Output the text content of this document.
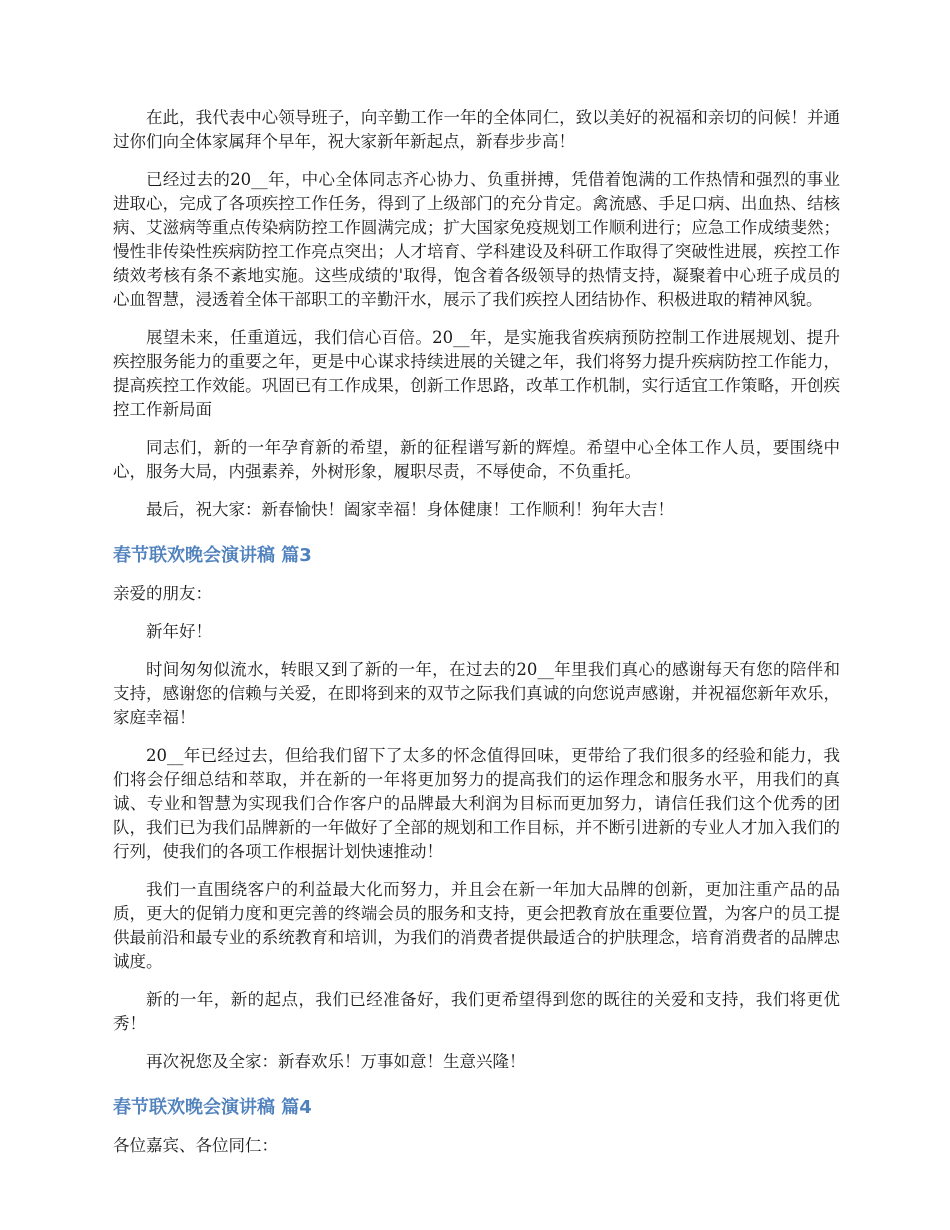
在此，我代表中心领导班子，向辛勤工作一年的全体同仁，致以美好的祝福和亲切的问候！并通过你们向全体家属拜个早年，祝大家新年新起点，新春步步高！

已经过去的20__年，中心全体同志齐心协力、负重拼搏，凭借着饱满的工作热情和强烈的事业进取心，完成了各项疾控工作任务，得到了上级部门的充分肯定。禽流感、手足口病、出血热、结核病、艾滋病等重点传染病防控工作圆满完成；扩大国家免疫规划工作顺利进行；应急工作成绩斐然；慢性非传染性疾病防控工作亮点突出；人才培育、学科建设及科研工作取得了突破性进展，疾控工作绩效考核有条不紊地实施。这些成绩的'取得，饱含着各级领导的热情支持，凝聚着中心班子成员的心血智慧，浸透着全体干部职工的辛勤汗水，展示了我们疾控人团结协作、积极进取的精神风貌。

展望未来，任重道远，我们信心百倍。20__年，是实施我省疾病预防控制工作进展规划、提升疾控服务能力的重要之年，更是中心谋求持续进展的关键之年，我们将努力提升疾病防控工作能力，提高疾控工作效能。巩固已有工作成果，创新工作思路，改革工作机制，实行适宜工作策略，开创疾控工作新局面

同志们，新的一年孕育新的希望，新的征程谱写新的辉煌。希望中心全体工作人员，要围绕中心，服务大局，内强素养，外树形象，履职尽责，不辱使命，不负重托。

最后，祝大家：新春愉快！阖家幸福！身体健康！工作顺利！狗年大吉！

春节联欢晚会演讲稿 篇3

亲爱的朋友：

新年好！

时间匆匆似流水，转眼又到了新的一年，在过去的20__年里我们真心的感谢每天有您的陪伴和支持，感谢您的信赖与关爱，在即将到来的双节之际我们真诚的向您说声感谢，并祝福您新年欢乐，家庭幸福！

20__年已经过去，但给我们留下了太多的怀念值得回味，更带给了我们很多的经验和能力，我们将会仔细总结和萃取，并在新的一年将更加努力的提高我们的运作理念和服务水平，用我们的真诚、专业和智慧为实现我们合作客户的品牌最大利润为目标而更加努力，请信任我们这个优秀的团队，我们已为我们品牌新的一年做好了全部的规划和工作目标，并不断引进新的专业人才加入我们的行列，使我们的各项工作根据计划快速推动！

我们一直围绕客户的利益最大化而努力，并且会在新一年加大品牌的创新，更加注重产品的品质，更大的促销力度和更完善的终端会员的服务和支持，更会把教育放在重要位置，为客户的员工提供最前沿和最专业的系统教育和培训，为我们的消费者提供最适合的护肤理念，培育消费者的品牌忠诚度。

新的一年，新的起点，我们已经准备好，我们更希望得到您的既往的关爱和支持，我们将更优秀！

再次祝您及全家：新春欢乐！万事如意！生意兴隆！

春节联欢晚会演讲稿 篇4

各位嘉宾、各位同仁：
